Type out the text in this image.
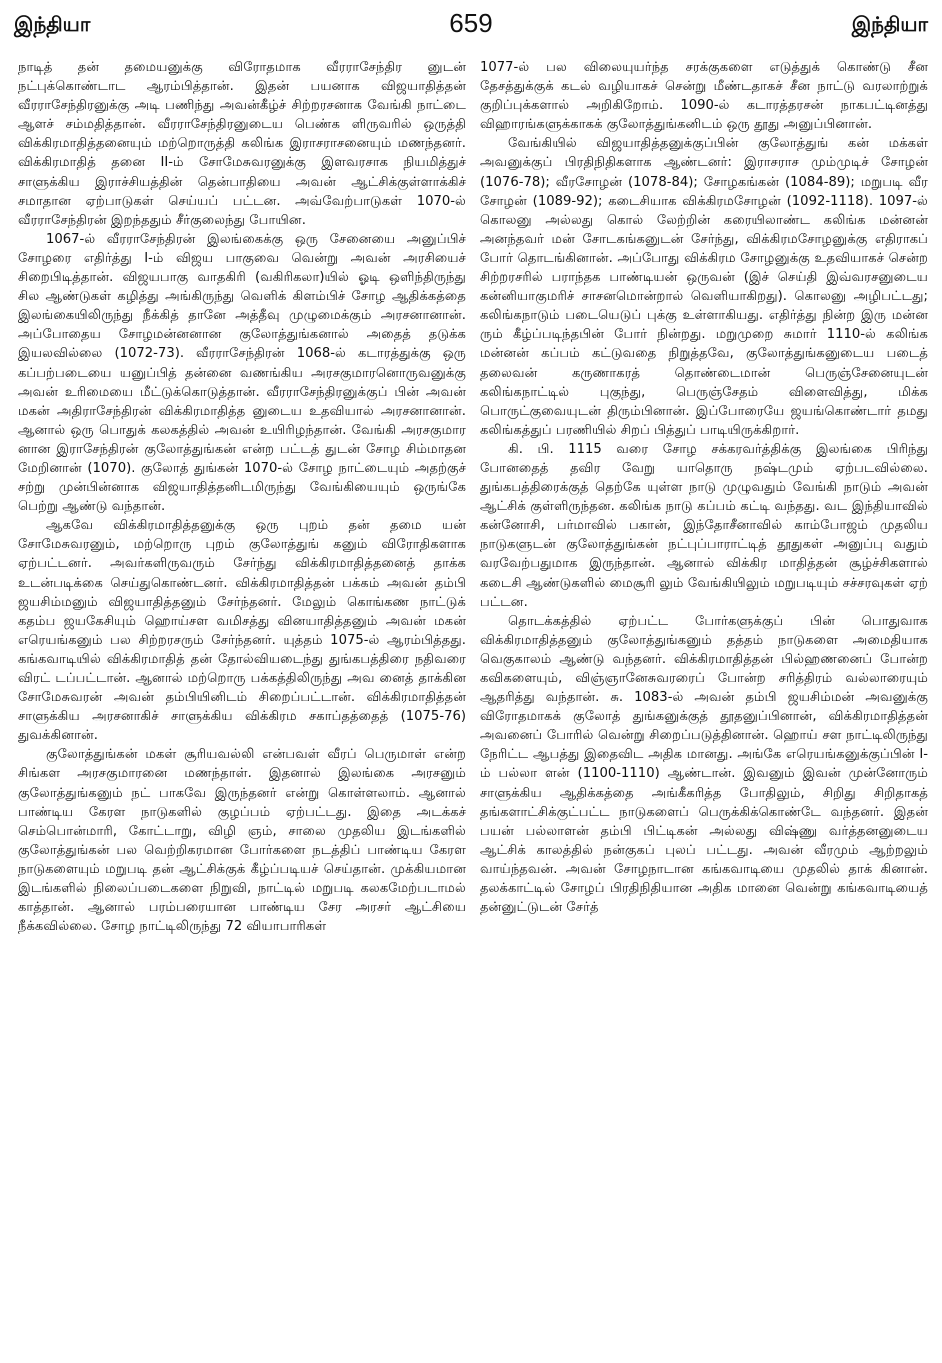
இந்தியா	659	இந்தியா

நாடித் தன் தமையனுக்கு விரோதமாக வீரராசேந்திர னுடன் நட்புக்கொண்டாட ஆரம்பித்தான். இதன் பயனாக விஜயாதித்தன் வீரராசேந்திரனுக்கு அடி பணிந்து அவன்கீழ்ச் சிற்றரசனாக வேங்கி நாட்டை ஆளச் சம்மதித்தான். வீரராசேந்திரனுடைய பெண்க ளிருவரில் ஒருத்தி விக்கிரமாதித்தனையும் மற்றொருத்தி கலிங்க இராசராசனையும் மணந்தனர். விக்கிரமாதித் தனை II-ம் சோமேசுவரனுக்கு இளவரசாக நியமித்துச் சாளுக்கிய இராச்சியத்தின் தென்பாதியை அவன் ஆட்சிக்குள்ளாக்கிச் சமாதான ஏற்பாடுகள் செய்யப் பட்டன. அவ்வேற்பாடுகள் 1070-ல் வீரராசேந்திரன் இறந்ததும் சீர்குலைந்து போயின.

1067-ல் வீரராசேந்திரன் இலங்கைக்கு ஒரு சேனையை அனுப்பிச் சோழரை எதிர்த்து I-ம் விஜய பாகுவை வென்று அவன் அரசியைச் சிறைபிடித்தான். விஜயபாகு வாதகிரி (வகிரிகலா)யில் ஓடி ஒளிந்திருந்து சில ஆண்டுகள் கழித்து அங்கிருந்து வெளிக் கிளம்பிச் சோழ ஆதிக்கத்தை இலங்கையிலிருந்து நீக்கித் தானே அத்தீவு முழுமைக்கும் அரசனானான். அப்போதைய சோழமன்னனான குலோத்துங்கனால் அதைத் தடுக்க இயலவில்லை (1072-73). வீரராசேந்திரன் 1068-ல் கடாரத்துக்கு ஒரு கப்பற்படையை யனுப்பித் தன்னை வணங்கிய அரசகுமாரனொருவனுக்கு அவன் உரிமையை மீட்டுக்கொடுத்தான். வீரராசேந்திரனுக்குப் பின் அவன் மகன் அதிராசேந்திரன் விக்கிரமாதித்த னுடைய உதவியால் அரசனானான். ஆனால் ஒரு பொதுக் கலகத்தில் அவன் உயிரிழந்தான். வேங்கி அரசகுமார னான இராசேந்திரன் குலோத்துங்கன் என்ற பட்டத் துடன் சோழ சிம்மாதன மேறினான் (1070). குலோத் துங்கன் 1070-ல் சோழ நாட்டையும் அதற்குச் சற்று முன்பின்னாக விஜயாதித்தனிடமிருந்து வேங்கியையும் ஒருங்கே பெற்று ஆண்டு வந்தான்.

ஆகவே விக்கிரமாதித்தனுக்கு ஒரு புறம் தன் தமை யன் சோமேசுவரனும், மற்றொரு புறம் குலோத்துங் கனும் விரோதிகளாக ஏற்பட்டனர். அவர்களிருவரும் சேர்ந்து விக்கிரமாதித்தனைத் தாக்க உடன்படிக்கை செய்துகொண்டனர். விக்கிரமாதித்தன் பக்கம் அவன் தம்பி ஜயசிம்மனும் விஜயாதித்தனும் சேர்ந்தனர். மேலும் கொங்கண நாட்டுக் கதம்ப ஜயகேசியும் ஹொய்சள வமிசத்து வினயாதித்தனும் அவன் மகன் எரெயங்கனும் பல சிற்றரசரும் சேர்ந்தனர். யுத்தம் 1075-ல் ஆரம்பித்தது. கங்கவாடியில் விக்கிரமாதித் தன் தோல்வியடைந்து துங்கபத்திரை நதிவரை விரட் டப்பட்டான். ஆனால் மற்றொரு பக்கத்திலிருந்து அவ னைத் தாக்கின சோமேசுவரன் அவன் தம்பியினிடம் சிறைப்பட்டான். விக்கிரமாதித்தன் சாளுக்கிய அரசனாகிச் சாளுக்கிய விக்கிரம சகாப்தத்தைத் (1075-76) துவக்கினான்.

குலோத்துங்கன் மகள் சூரியவல்லி என்பவள் வீரப் பெருமாள் என்ற சிங்கள அரசகுமாரனை மணந்தாள். இதனால் இலங்கை அரசனும் குலோத்துங்கனும் நட் பாகவே இருந்தனர் என்று கொள்ளலாம். ஆனால் பாண்டிய கேரள நாடுகளில் குழப்பம் ஏற்பட்டது. இதை அடக்கச் செம்பொன்மாரி, கோட்டாறு, விழி ஞம், சாலை முதலிய இடங்களில் குலோத்துங்கன் பல வெற்றிகரமான போர்களை நடத்திப் பாண்டிய கேரள நாடுகளையும் மறுபடி தன் ஆட்சிக்குக் கீழ்ப்படியச் செய்தான். முக்கியமான இடங்களில் நிலைப்படைகளை நிறுவி, நாட்டில் மறுபடி கலகமேற்படாமல் காத்தான். ஆனால் பரம்பரையான பாண்டிய சேர அரசர் ஆட்சியை நீக்கவில்லை. சோழ நாட்டிலிருந்து 72 வியாபாரிகள்

1077-ல் பல விலையுயர்ந்த சரக்குகளை எடுத்துக் கொண்டு சீன தேசத்துக்குக் கடல் வழியாகச் சென்று மீண்டதாகச் சீன நாட்டு வரலாற்றுக் குறிப்புக்களால் அறிகிறோம். 1090-ல் கடாரத்தரசன் நாகபட்டினத்து விஹாரங்களுக்காகக் குலோத்துங்கனிடம் ஒரு தூது அனுப்பினான்.

வேங்கியில் விஜயாதித்தனுக்குப்பின் குலோத்துங் கன் மக்கள் அவனுக்குப் பிரதிநிதிகளாக ஆண்டனர்: இராசராச மும்முடிச் சோழன் (1076-78); வீரசோழன் (1078-84); சோழகங்கன் (1084-89); மறுபடி வீர சோழன் (1089-92); கடைசியாக விக்கிரமசோழன் (1092-1118). 1097-ல் கொலனு அல்லது கொல் லேற்றின் கரையிலாண்ட கலிங்க மன்னன் அனந்தவர் மன் சோடகங்கனுடன் சேர்ந்து, விக்கிரமசோழனுக்கு எதிராகப் போர் தொடங்கினான். அப்போது விக்கிரம சோழனுக்கு உதவியாகச் சென்ற சிற்றரசரில் பராந்தக பாண்டியன் ஒருவன் (இச் செய்தி இவ்வரசனுடைய கன்னியாகுமரிச் சாசனமொன்றால் வெளியாகிறது). கொலனு அழிபட்டது; கலிங்கநாடும் படையெடுப் புக்கு உள்ளாகியது. எதிர்த்து நின்ற இரு மன்ன ரும் கீழ்ப்படிந்தபின் போர் நின்றது. மறுமுறை சுமார் 1110-ல் கலிங்க மன்னன் கப்பம் கட்டுவதை நிறுத்தவே, குலோத்துங்கனுடைய படைத் தலைவன் கருணாகரத் தொண்டைமான் பெருஞ்சேனையுடன் கலிங்கநாட்டில் புகுந்து, பெருஞ்சேதம் விளைவித்து, மிக்க பொருட்குவையுடன் திரும்பினான். இப்போரையே ஜயங்கொண்டார் தமது கலிங்கத்துப் பரணியில் சிறப் பித்துப் பாடியிருக்கிறார்.

கி. பி. 1115 வரை சோழ சக்கரவர்த்திக்கு இலங்கை பிரிந்து போனதைத் தவிர வேறு யாதொரு நஷ்டமும் ஏற்படவில்லை. துங்கபத்திரைக்குத் தெற்கே யுள்ள நாடு முழுவதும் வேங்கி நாடும் அவன் ஆட்சிக் குள்ளிருந்தன. கலிங்க நாடு கப்பம் கட்டி வந்தது. வட இந்தியாவில் கன்னோசி, பர்மாவில் பகான், இந்தோசீனாவில் காம்போஜம் முதலிய நாடுகளுடன் குலோத்துங்கன் நட்புப்பாராட்டித் தூதுகள் அனுப்பு வதும் வரவேற்பதுமாக இருந்தான். ஆனால் விக்கிர மாதித்தன் சூழ்ச்சிகளால் கடைசி ஆண்டுகளில் மைசூரி லும் வேங்கியிலும் மறுபடியும் சச்சரவுகள் ஏற் பட்டன.

தொடக்கத்தில் ஏற்பட்ட போர்களுக்குப் பின் பொதுவாக விக்கிரமாதித்தனும் குலோத்துங்கனும் தத்தம் நாடுகளை அமைதியாக வெகுகாலம் ஆண்டு வந்தனர். விக்கிரமாதித்தன் பில்ஹணனைப் போன்ற கவிகளையும், விஞ்ஞானேசுவரரைப் போன்ற சரித்திரம் வல்லாரையும் ஆதரித்து வந்தான். சு. 1083-ல் அவன் தம்பி ஜயசிம்மன் அவனுக்கு விரோதமாகக் குலோத் துங்கனுக்குத் தூதனுப்பினான், விக்கிரமாதித்தன் அவனைப் போரில் வென்று சிறைப்படுத்தினான். ஹொய் சள நாட்டிலிருந்து நேரிட்ட ஆபத்து இதைவிட அதிக மானது. அங்கே எரெயங்கனுக்குப்பின் I-ம் பல்லா ளன் (1100-1110) ஆண்டான். இவனும் இவன் முன்னோரும் சாளுக்கிய ஆதிக்கத்தை அங்கீகரித்த போதிலும், சிறிது சிறிதாகத் தங்களாட்சிக்குட்பட்ட நாடுகளைப் பெருக்கிக்கொண்டே வந்தனர். இதன் பயன் பல்லாளன் தம்பி பிட்டிகன் அல்லது விஷ்ணு வர்த்தனனுடைய ஆட்சிக் காலத்தில் நன்குகப் புலப் பட்டது. அவன் வீரமும் ஆற்றலும் வாய்ந்தவன். அவன் சோழநாடான கங்கவாடியை முதலில் தாக் கினான். தலக்காட்டில் சோழப் பிரதிநிதியான அதிக மானை வென்று கங்கவாடியைத் தன்னுட்டுடன் சேர்த்
